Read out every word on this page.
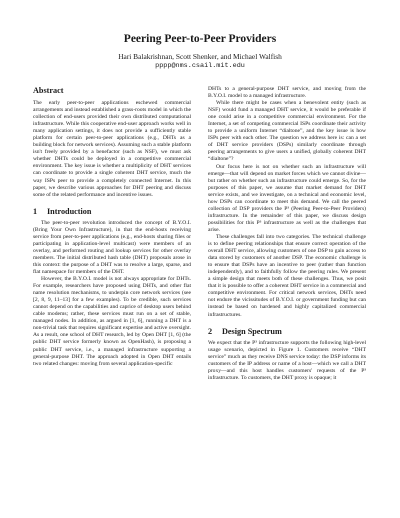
Peering Peer-to-Peer Providers
Hari Balakrishnan, Scott Shenker, and Michael Walfish
pppp@nms.csail.mit.edu
Abstract

The early peer-to-peer applications eschewed commercial arrangements and instead established a grass-roots model in which the collection of end-users provided their own distributed computational infrastructure. While this cooperative end-user approach works well in many application settings, it does not provide a sufficiently stable platform for certain peer-to-peer applications (e.g., DHTs as a building block for network services). Assuming such a stable platform isn't freely provided by a benefactor (such as NSF), we must ask whether DHTs could be deployed in a competitive commercial environment. The key issue is whether a multiplicity of DHT services can coordinate to provide a single coherent DHT service, much the way ISPs peer to provide a completely connected Internet. In this paper, we describe various approaches for DHT peering and discuss some of the related performance and incentive issues.

1 Introduction

The peer-to-peer revolution introduced the concept of B.Y.O.I. (Bring Your Own Infrastructure), in that the end-hosts receiving service from peer-to-peer applications (e.g., end-hosts sharing files or participating in application-level multicast) were members of an overlay, and performed routing and lookup services for other overlay members. The initial distributed hash table (DHT) proposals arose in this context: the purpose of a DHT was to resolve a large, sparse, and flat namespace for members of the DHT.

However, the B.Y.O.I. model is not always appropriate for DHTs. For example, researchers have proposed using DHTs, and other flat name resolution mechanisms, to underpin core network services (see [2, 8, 9, 11–13] for a few examples). To be credible, such services cannot depend on the capabilities and caprice of desktop users behind cable modems; rather, these services must run on a set of stable, managed nodes. In addition, as argued in [1, 6], running a DHT is a non-trivial task that requires significant expertise and active oversight. As a result, one school of DHT research, led by Open DHT [1, 6] (the public DHT service formerly known as OpenHash), is proposing a public DHT service, i.e., a managed infrastructure supporting a general-purpose DHT. The approach adopted in Open DHT entails two related changes: moving from several application-specific

DHTs to a general-purpose DHT service, and moving from the B.Y.O.I. model to a managed infrastructure.

While there might be cases when a benevolent entity (such as NSF) would fund a managed DHT service, it would be preferable if one could arise in a competitive commercial environment. For the Internet, a set of competing commercial ISPs coordinate their activity to provide a uniform Internet “dialtone”, and the key issue is how ISPs peer with each other. The question we address here is: can a set of DHT service providers (DSPs) similarly coordinate through peering arrangements to give users a unified, globally coherent DHT “dialtone”?

Our focus here is not on whether such an infrastructure will emerge—that will depend on market forces which we cannot divine—but rather on whether such an infrastructure could emerge. So, for the purposes of this paper, we assume that market demand for DHT service exists, and we investigate, on a technical and economic level, how DSPs can coordinate to meet this demand. We call the peered collection of DSP providers the P³ (Peering Peer-to-Peer Providers) infrastructure. In the remainder of this paper, we discuss design possibilities for this P³ infrastructure as well as the challenges that arise.

These challenges fall into two categories. The technical challenge is to define peering relationships that ensure correct operation of the overall DHT service, allowing customers of one DSP to gain access to data stored by customers of another DSP. The economic challenge is to ensure that DSPs have an incentive to peer (rather than function independently), and to faithfully follow the peering rules. We present a simple design that meets both of these challenges. Thus, we posit that it is possible to offer a coherent DHT service in a commercial and competitive environment. For critical network services, DHTs need not endure the vicissitudes of B.Y.O.I. or government funding but can instead be based on hardened and highly capitalized commercial infrastructures.

2 Design Spectrum

We expect that the P³ infrastructure supports the following high-level usage scenario, depicted in Figure 1. Customers receive “DHT service” much as they receive DNS service today: the DSP informs its customers of the IP address or name of a host—which we call a DHT proxy—and this host handles customers' requests of the P³ infrastructure. To customers, the DHT proxy is opaque; it
